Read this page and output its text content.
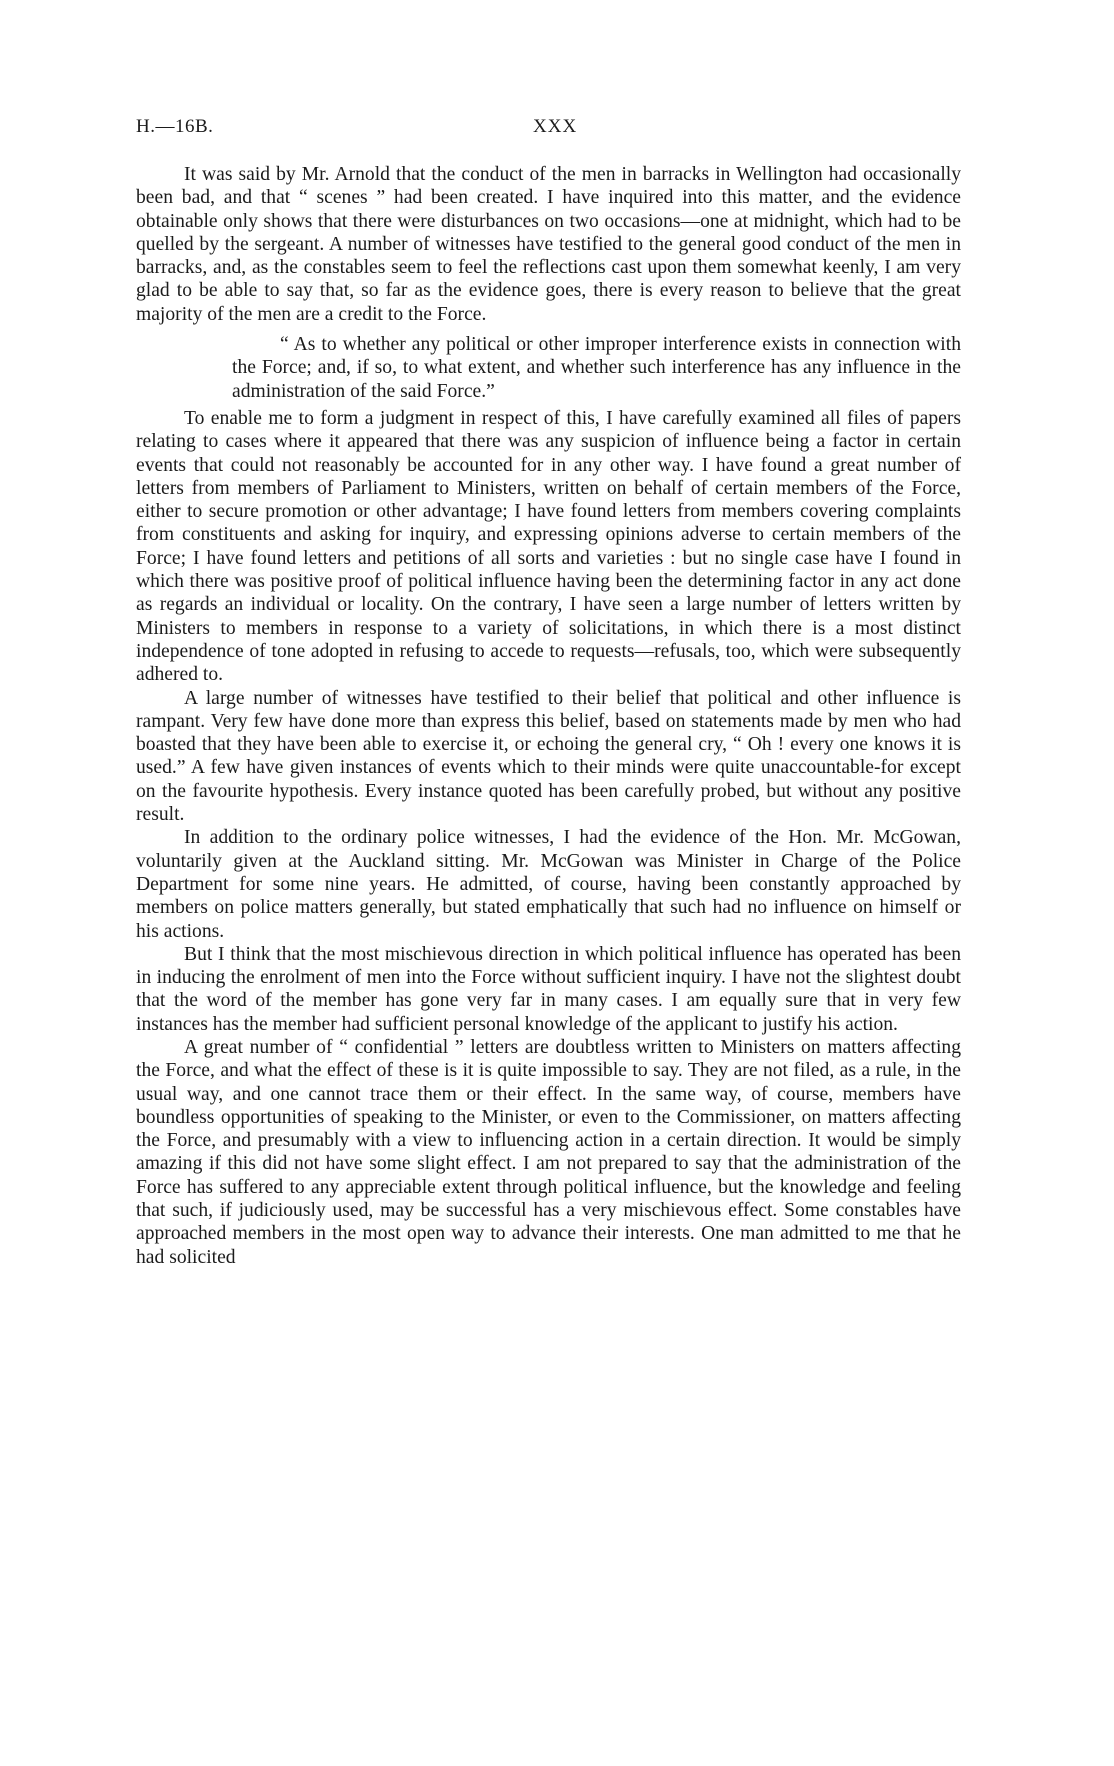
H.—16B.	XXX

It was said by Mr. Arnold that the conduct of the men in barracks in Wellington had occasionally been bad, and that “ scenes ” had been created. I have inquired into this matter, and the evidence obtainable only shows that there were disturbances on two occasions—one at midnight, which had to be quelled by the sergeant. A number of witnesses have testified to the general good conduct of the men in barracks, and, as the constables seem to feel the reflections cast upon them somewhat keenly, I am very glad to be able to say that, so far as the evidence goes, there is every reason to believe that the great majority of the men are a credit to the Force.

“ As to whether any political or other improper interference exists in connection with the Force; and, if so, to what extent, and whether such interference has any influence in the administration of the said Force.”

To enable me to form a judgment in respect of this, I have carefully examined all files of papers relating to cases where it appeared that there was any suspicion of influence being a factor in certain events that could not reasonably be accounted for in any other way. I have found a great number of letters from members of Parliament to Ministers, written on behalf of certain members of the Force, either to secure promotion or other advantage; I have found letters from members covering complaints from constituents and asking for inquiry, and expressing opinions adverse to certain members of the Force; I have found letters and petitions of all sorts and varieties : but no single case have I found in which there was positive proof of political influence having been the determining factor in any act done as regards an individual or locality. On the contrary, I have seen a large number of letters written by Ministers to members in response to a variety of solicitations, in which there is a most distinct independence of tone adopted in refusing to accede to requests—refusals, too, which were subsequently adhered to.

A large number of witnesses have testified to their belief that political and other influence is rampant. Very few have done more than express this belief, based on statements made by men who had boasted that they have been able to exercise it, or echoing the general cry, “ Oh ! every one knows it is used.” A few have given instances of events which to their minds were quite unaccountable-for except on the favourite hypothesis. Every instance quoted has been carefully probed, but without any positive result.

In addition to the ordinary police witnesses, I had the evidence of the Hon. Mr. McGowan, voluntarily given at the Auckland sitting. Mr. McGowan was Minister in Charge of the Police Department for some nine years. He admitted, of course, having been constantly approached by members on police matters generally, but stated emphatically that such had no influence on himself or his actions.

But I think that the most mischievous direction in which political influence has operated has been in inducing the enrolment of men into the Force without sufficient inquiry. I have not the slightest doubt that the word of the member has gone very far in many cases. I am equally sure that in very few instances has the member had sufficient personal knowledge of the applicant to justify his action.

A great number of “ confidential ” letters are doubtless written to Ministers on matters affecting the Force, and what the effect of these is it is quite impossible to say. They are not filed, as a rule, in the usual way, and one cannot trace them or their effect. In the same way, of course, members have boundless opportunities of speaking to the Minister, or even to the Commissioner, on matters affecting the Force, and presumably with a view to influencing action in a certain direction. It would be simply amazing if this did not have some slight effect. I am not prepared to say that the administration of the Force has suffered to any appreciable extent through political influence, but the knowledge and feeling that such, if judiciously used, may be successful has a very mischievous effect. Some constables have approached members in the most open way to advance their interests. One man admitted to me that he had solicited
